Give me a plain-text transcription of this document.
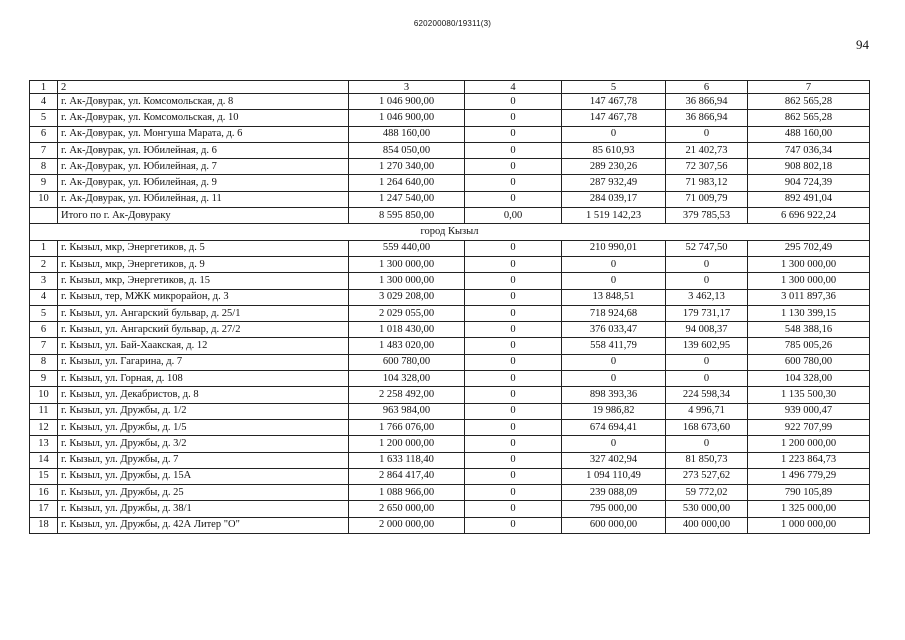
620200080/19311(3)
94
1	2	3	4	5	6	7
4	г. Ак-Довурак, ул. Комсомольская, д. 8	1 046 900,00	0	147 467,78	36 866,94	862 565,28
5	г. Ак-Довурак, ул. Комсомольская, д. 10	1 046 900,00	0	147 467,78	36 866,94	862 565,28
6	г. Ак-Довурак, ул. Монгуша Марата, д. 6	488 160,00	0	0	0	488 160,00
7	г. Ак-Довурак, ул. Юбилейная, д. 6	854 050,00	0	85 610,93	21 402,73	747 036,34
8	г. Ак-Довурак, ул. Юбилейная, д. 7	1 270 340,00	0	289 230,26	72 307,56	908 802,18
9	г. Ак-Довурак, ул. Юбилейная, д. 9	1 264 640,00	0	287 932,49	71 983,12	904 724,39
10	г. Ак-Довурак, ул. Юбилейная, д. 11	1 247 540,00	0	284 039,17	71 009,79	892 491,04
	Итого по г. Ак-Довураку	8 595 850,00	0,00	1 519 142,23	379 785,53	6 696 922,24
город Кызыл						
1	г. Кызыл, мкр, Энергетиков, д. 5	559 440,00	0	210 990,01	52 747,50	295 702,49
2	г. Кызыл, мкр, Энергетиков, д. 9	1 300 000,00	0	0	0	1 300 000,00
3	г. Кызыл, мкр, Энергетиков, д. 15	1 300 000,00	0	0	0	1 300 000,00
4	г. Кызыл, тер, МЖК микрорайон, д. 3	3 029 208,00	0	13 848,51	3 462,13	3 011 897,36
5	г. Кызыл, ул. Ангарский бульвар, д. 25/1	2 029 055,00	0	718 924,68	179 731,17	1 130 399,15
6	г. Кызыл, ул. Ангарский бульвар, д. 27/2	1 018 430,00	0	376 033,47	94 008,37	548 388,16
7	г. Кызыл, ул. Бай-Хаакская, д. 12	1 483 020,00	0	558 411,79	139 602,95	785 005,26
8	г. Кызыл, ул. Гагарина, д. 7	600 780,00	0	0	0	600 780,00
9	г. Кызыл, ул. Горная, д. 108	104 328,00	0	0	0	104 328,00
10	г. Кызыл, ул. Декабристов, д. 8	2 258 492,00	0	898 393,36	224 598,34	1 135 500,30
11	г. Кызыл, ул. Дружбы, д. 1/2	963 984,00	0	19 986,82	4 996,71	939 000,47
12	г. Кызыл, ул. Дружбы, д. 1/5	1 766 076,00	0	674 694,41	168 673,60	922 707,99
13	г. Кызыл, ул. Дружбы, д. 3/2	1 200 000,00	0	0	0	1 200 000,00
14	г. Кызыл, ул. Дружбы, д. 7	1 633 118,40	0	327 402,94	81 850,73	1 223 864,73
15	г. Кызыл, ул. Дружбы, д. 15А	2 864 417,40	0	1 094 110,49	273 527,62	1 496 779,29
16	г. Кызыл, ул. Дружбы, д. 25	1 088 966,00	0	239 088,09	59 772,02	790 105,89
17	г. Кызыл, ул. Дружбы, д. 38/1	2 650 000,00	0	795 000,00	530 000,00	1 325 000,00
18	г. Кызыл, ул. Дружбы, д. 42А Литер "О"	2 000 000,00	0	600 000,00	400 000,00	1 000 000,00
